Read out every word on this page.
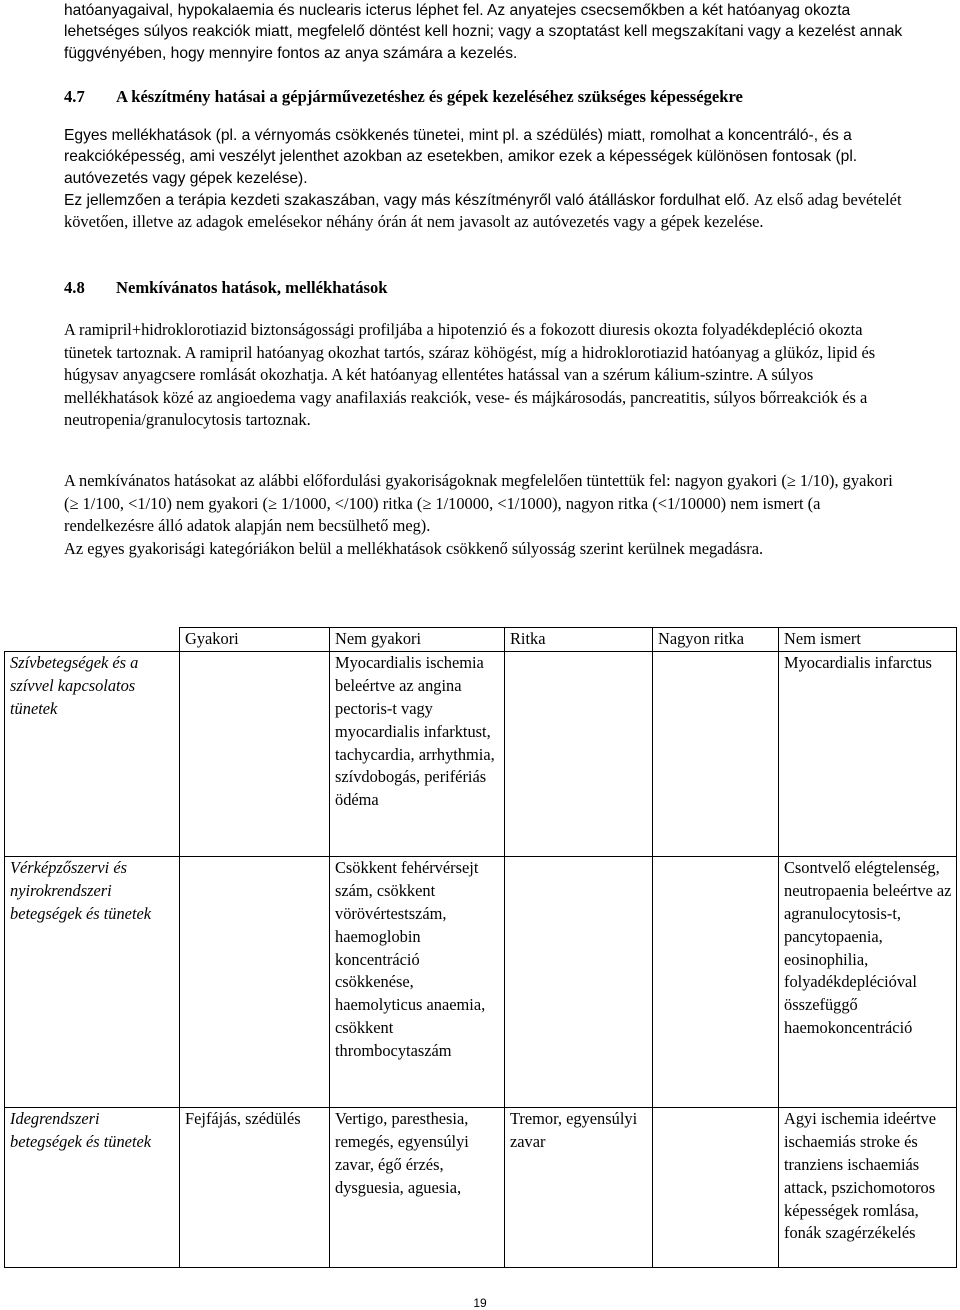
hatóanyagaival, hypokalaemia és nuclearis icterus léphet fel. Az anyatejes csecsemőkben a két hatóanyag okozta lehetséges súlyos reakciók miatt, megfelelő döntést kell hozni; vagy a szoptatást kell megszakítani vagy a kezelést annak függvényében, hogy mennyire fontos az anya számára a kezelés.

4.7 A készítmény hatásai a gépjárművezetéshez és gépek kezeléséhez szükséges képességekre

Egyes mellékhatások (pl. a vérnyomás csökkenés tünetei, mint pl. a szédülés) miatt, romolhat a koncentráló-, és a reakcióképesség, ami veszélyt jelenthet azokban az esetekben, amikor ezek a képességek különösen fontosak (pl. autóvezetés vagy gépek kezelése).

Ez jellemzően a terápia kezdeti szakaszában, vagy más készítményről való átálláskor fordulhat elő. Az első adag bevételét követően, illetve az adagok emelésekor néhány órán át nem javasolt az autóvezetés vagy a gépek kezelése.

4.8 Nemkívánatos hatások, mellékhatások

A ramipril+hidroklorotiazid biztonságossági profiljába a hipotenzió és a fokozott diuresis okozta folyadékdepléció okozta tünetek tartoznak. A ramipril hatóanyag okozhat tartós, száraz köhögést, míg a hidroklorotiazid hatóanyag a glükóz, lipid és húgysav anyagcsere romlását okozhatja. A két hatóanyag ellentétes hatással van a szérum kálium-szintre. A súlyos mellékhatások közé az angioedema vagy anafilaxiás reakciók, vese- és májkárosodás, pancreatitis, súlyos bőrreakciók és a neutropenia/granulocytosis tartoznak.

A nemkívánatos hatásokat az alábbi előfordulási gyakoriságoknak megfelelően tüntettük fel: nagyon gyakori (≥ 1/10), gyakori (≥ 1/100, <1/10) nem gyakori (≥ 1/1000, </100) ritka (≥ 1/10000, <1/1000), nagyon ritka (<1/10000) nem ismert (a rendelkezésre álló adatok alapján nem becsülhető meg).

Az egyes gyakorisági kategóriákon belül a mellékhatások csökkenő súlyosság szerint kerülnek megadásra.

	Gyakori	Nem gyakori	Ritka	Nagyon ritka	Nem ismert
Szívbetegségek és a szívvel kapcsolatos tünetek		Myocardialis ischemia beleértve az angina pectoris-t vagy myocardialis infarktust, tachycardia, arrhythmia, szívdobogás, perifériás ödéma			Myocardialis infarctus
Vérképzőszervi és nyirokrendszeri betegségek és tünetek		Csökkent fehérvérsejt szám, csökkent vörövértestszám, haemoglobin koncentráció csökkenése, haemolyticus anaemia, csökkent thrombocytaszám			Csontvelő elégtelenség, neutropaenia beleértve az agranulocytosis-t, pancytopaenia, eosinophilia, folyadékdeplécióval összefüggő haemokoncentráció
Idegrendszeri betegségek és tünetek	Fejfájás, szédülés	Vertigo, paresthesia, remegés, egyensúlyi zavar, égő érzés, dysguesia, aguesia,	Tremor, egyensúlyi zavar		Agyi ischemia ideértve ischaemiás stroke és tranziens ischaemiás attack, pszichomotoros képességek romlása, fonák szagérzékelés
19
